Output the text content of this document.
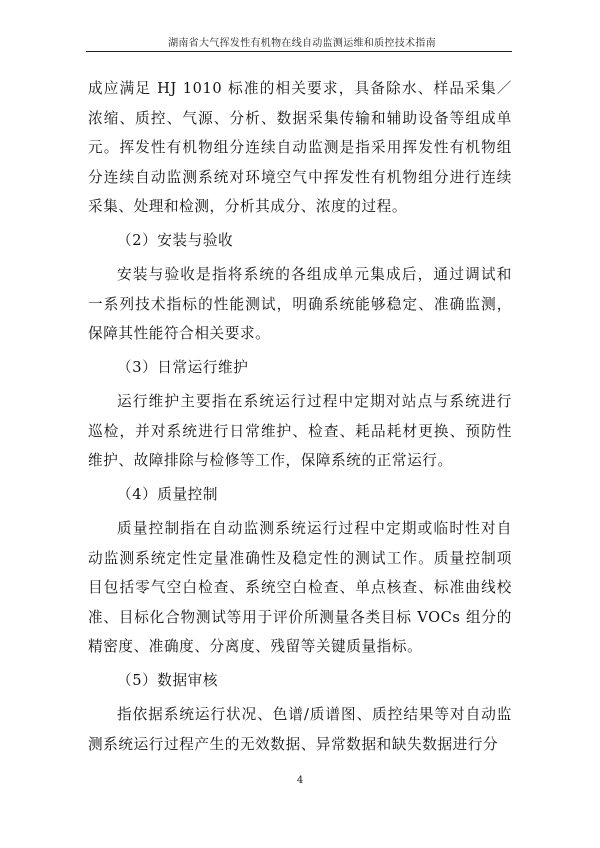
湖南省大气挥发性有机物在线自动监测运维和质控技术指南

成应满足 HJ 1010 标准的相关要求，具备除水、样品采集／浓缩、质控、气源、分析、数据采集传输和辅助设备等组成单元。挥发性有机物组分连续自动监测是指采用挥发性有机物组分连续自动监测系统对环境空气中挥发性有机物组分进行连续采集、处理和检测，分析其成分、浓度的过程。

（2）安装与验收

安装与验收是指将系统的各组成单元集成后，通过调试和一系列技术指标的性能测试，明确系统能够稳定、准确监测，保障其性能符合相关要求。

（3）日常运行维护

运行维护主要指在系统运行过程中定期对站点与系统进行巡检，并对系统进行日常维护、检查、耗品耗材更换、预防性维护、故障排除与检修等工作，保障系统的正常运行。

（4）质量控制

质量控制指在自动监测系统运行过程中定期或临时性对自动监测系统定性定量准确性及稳定性的测试工作。质量控制项目包括零气空白检查、系统空白检查、单点核查、标准曲线校准、目标化合物测试等用于评价所测量各类目标 VOCs 组分的精密度、准确度、分离度、残留等关键质量指标。

（5）数据审核

指依据系统运行状况、色谱/质谱图、质控结果等对自动监测系统运行过程产生的无效数据、异常数据和缺失数据进行分

4
